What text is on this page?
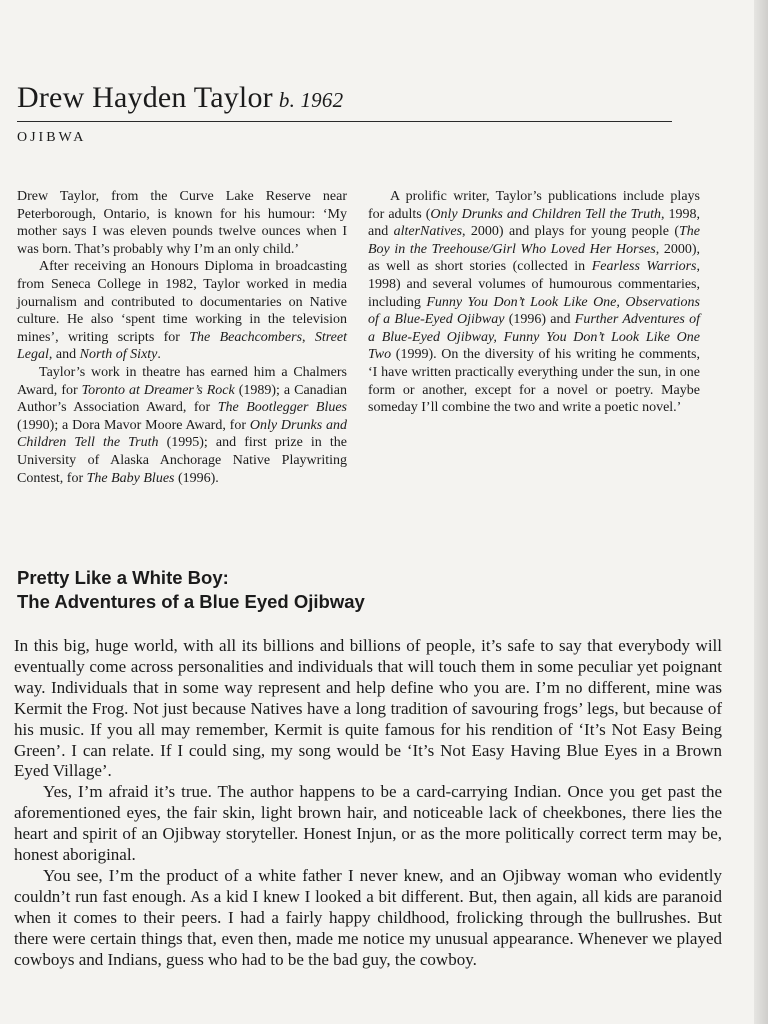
Drew Hayden Taylor b. 1962
OJIBWA

Drew Taylor, from the Curve Lake Reserve near Peterborough, Ontario, is known for his humour: ‘My mother says I was eleven pounds twelve ounces when I was born. That’s probably why I’m an only child.’

After receiving an Honours Diploma in broadcasting from Seneca College in 1982, Taylor worked in media journalism and contributed to documentaries on Native culture. He also ‘spent time working in the television mines’, writing scripts for The Beachcombers, Street Legal, and North of Sixty.

Taylor’s work in theatre has earned him a Chalmers Award, for Toronto at Dreamer’s Rock (1989); a Canadian Author’s Association Award, for The Bootlegger Blues (1990); a Dora Mavor Moore Award, for Only Drunks and Children Tell the Truth (1995); and first prize in the University of Alaska Anchorage Native Playwriting Contest, for The Baby Blues (1996).

A prolific writer, Taylor’s publications include plays for adults (Only Drunks and Children Tell the Truth, 1998, and alterNatives, 2000) and plays for young people (The Boy in the Treehouse/Girl Who Loved Her Horses, 2000), as well as short stories (collected in Fearless Warriors, 1998) and several volumes of humourous commentaries, including Funny You Don’t Look Like One, Observations of a Blue-Eyed Ojibway (1996) and Further Adventures of a Blue-Eyed Ojibway, Funny You Don’t Look Like One Two (1999). On the diversity of his writing he comments, ‘I have written practically everything under the sun, in one form or another, except for a novel or poetry. Maybe someday I’ll combine the two and write a poetic novel.’

Pretty Like a White Boy:
The Adventures of a Blue Eyed Ojibway

In this big, huge world, with all its billions and billions of people, it’s safe to say that everybody will eventually come across personalities and individuals that will touch them in some peculiar yet poignant way. Individuals that in some way represent and help define who you are. I’m no different, mine was Kermit the Frog. Not just because Natives have a long tradition of savouring frogs’ legs, but because of his music. If you all may remember, Kermit is quite famous for his rendition of ‘It’s Not Easy Being Green’. I can relate. If I could sing, my song would be ‘It’s Not Easy Having Blue Eyes in a Brown Eyed Village’.

Yes, I’m afraid it’s true. The author happens to be a card-carrying Indian. Once you get past the aforementioned eyes, the fair skin, light brown hair, and noticeable lack of cheekbones, there lies the heart and spirit of an Ojibway storyteller. Honest Injun, or as the more politically correct term may be, honest aboriginal.

You see, I’m the product of a white father I never knew, and an Ojibway woman who evidently couldn’t run fast enough. As a kid I knew I looked a bit different. But, then again, all kids are paranoid when it comes to their peers. I had a fairly happy childhood, frolicking through the bullrushes. But there were certain things that, even then, made me notice my unusual appearance. Whenever we played cowboys and Indians, guess who had to be the bad guy, the cowboy.
